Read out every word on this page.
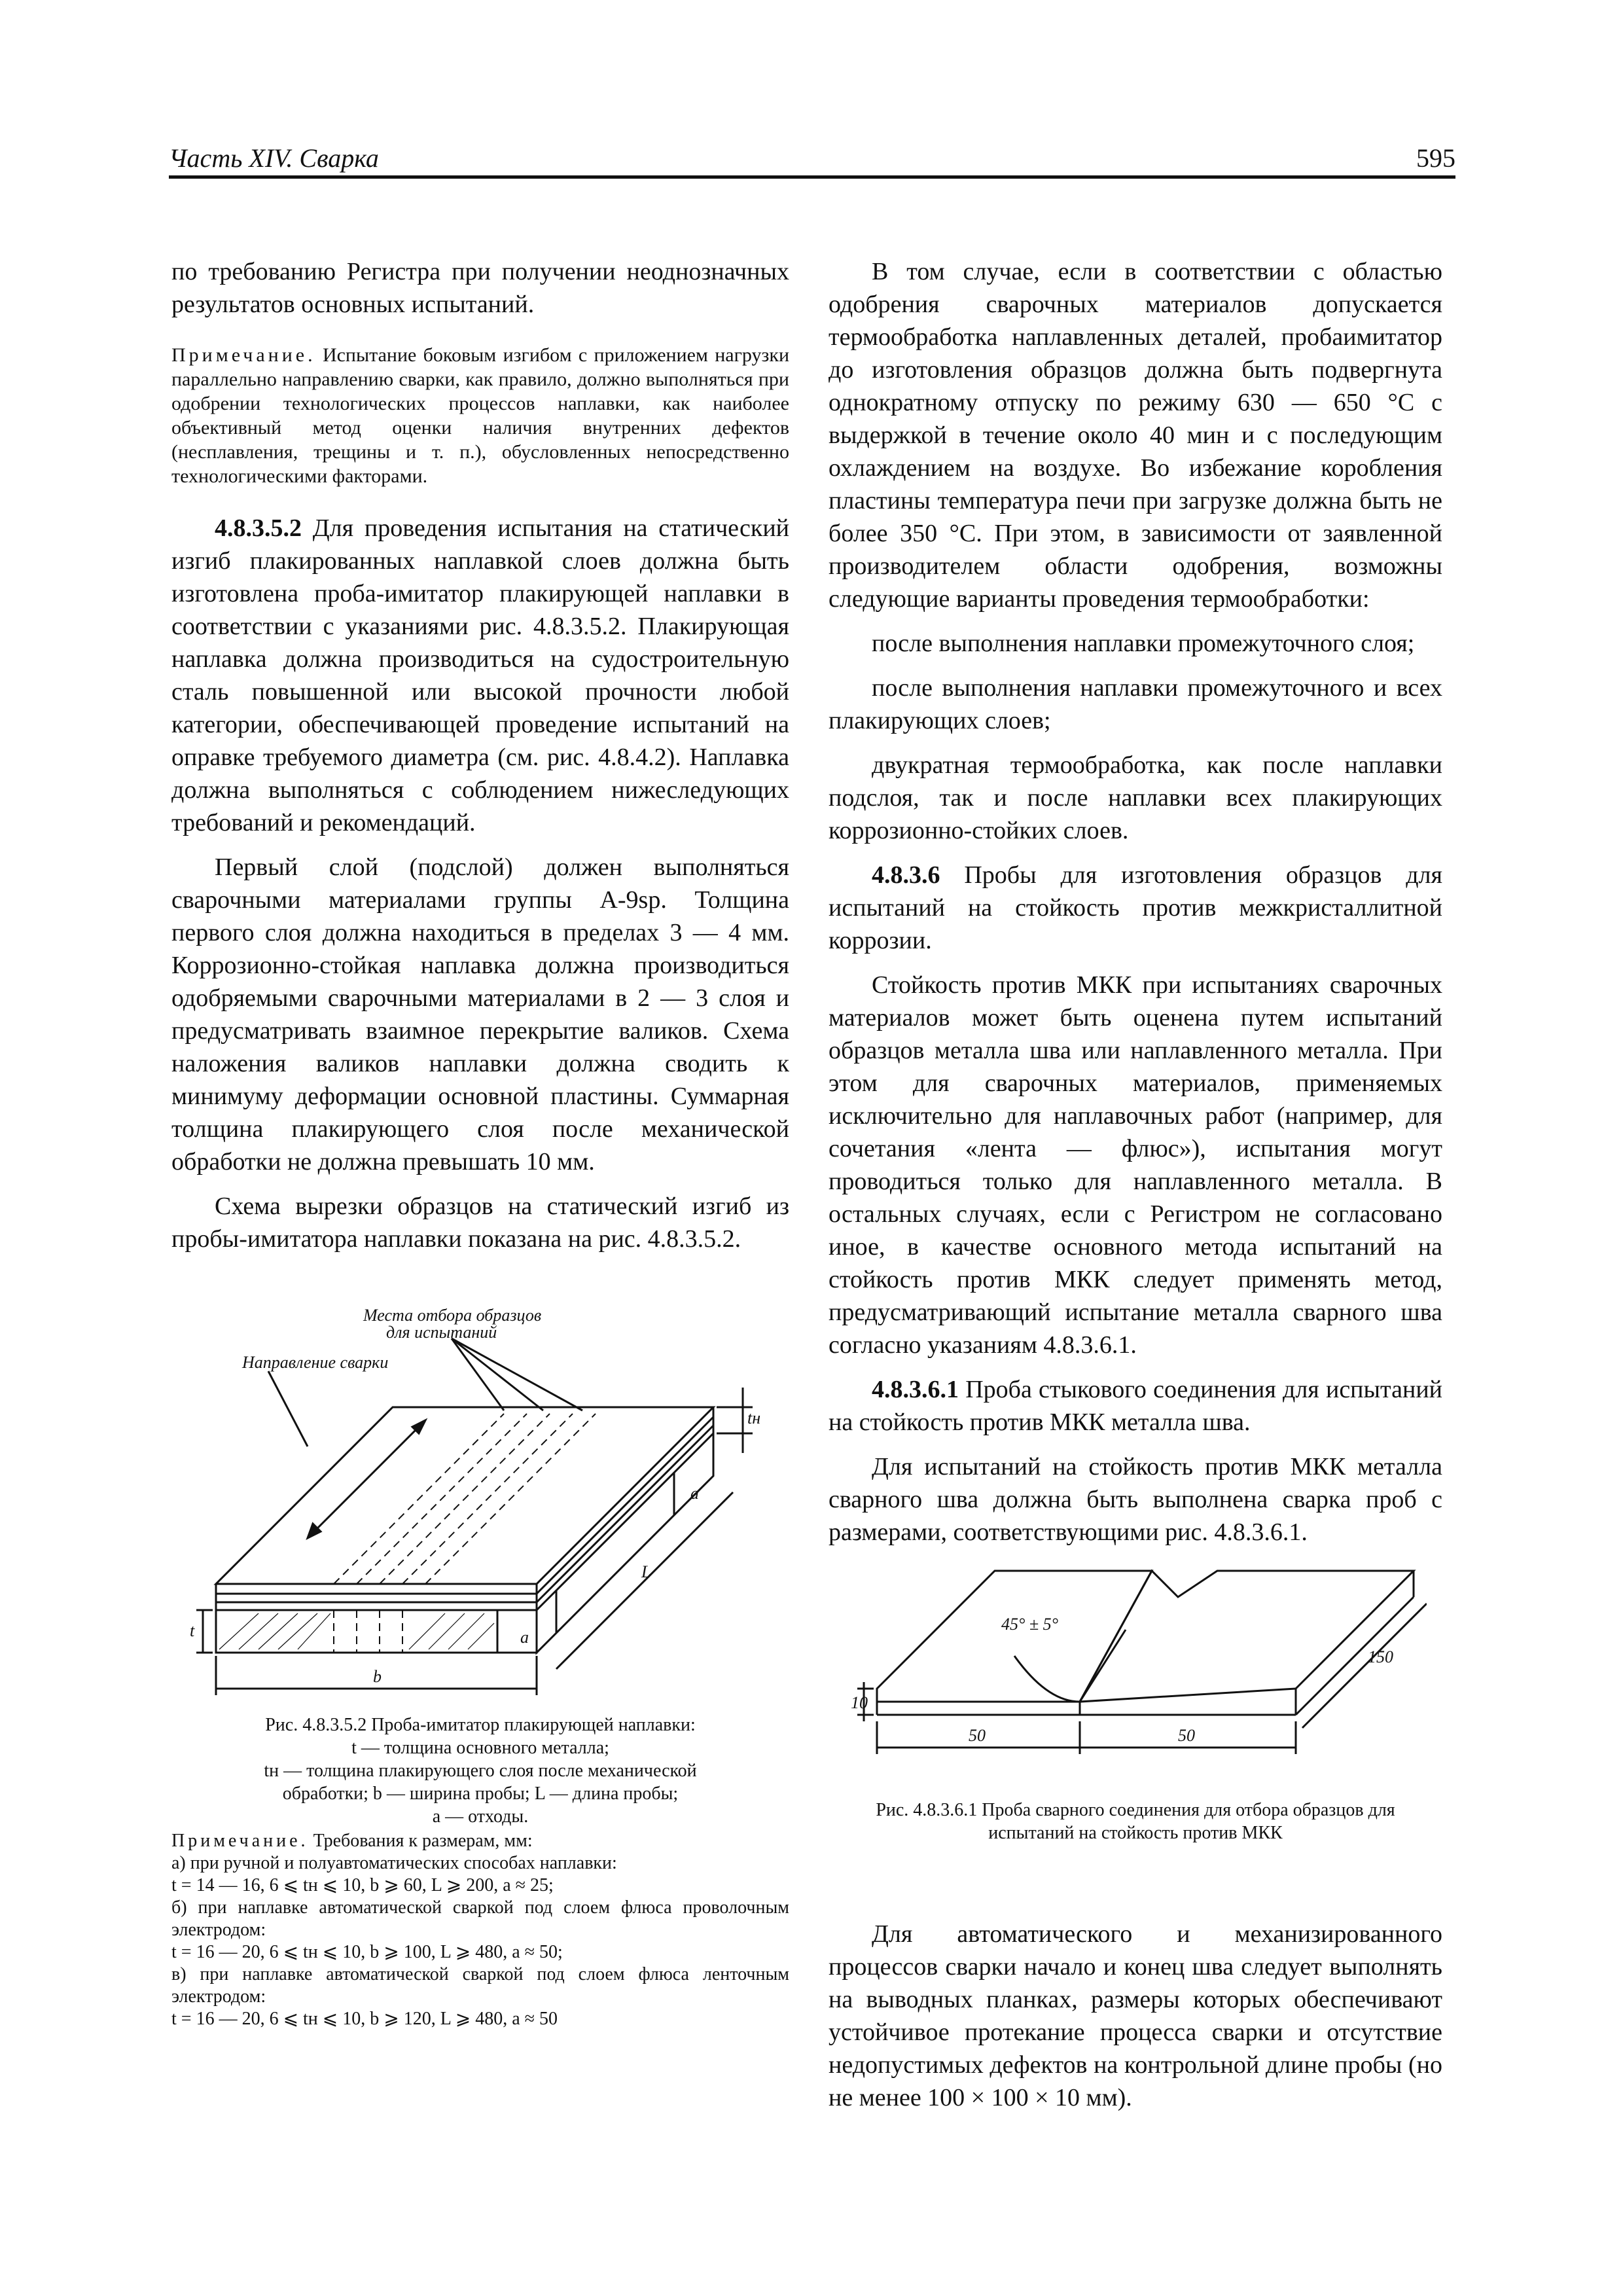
Часть XIV. Сварка	595

по требованию Регистра при получении неоднозначных результатов основных испытаний.

Примечание. Испытание боковым изгибом с приложением нагрузки параллельно направлению сварки, как правило, должно выполняться при одобрении технологических процессов наплавки, как наиболее объективный метод оценки наличия внутренних дефектов (несплавления, трещины и т. п.), обусловленных непосредственно технологическими факторами.

4.8.3.5.2 Для проведения испытания на статический изгиб плакированных наплавкой слоев должна быть изготовлена проба-имитатор плакирующей наплавки в соответствии с указаниями рис. 4.8.3.5.2. Плакирующая наплавка должна производиться на судостроительную сталь повышенной или высокой прочности любой категории, обеспечивающей проведение испытаний на оправке требуемого диаметра (см. рис. 4.8.4.2). Наплавка должна выполняться с соблюдением нижеследующих требований и рекомендаций.

Первый слой (подслой) должен выполняться сварочными материалами группы А-9sp. Толщина первого слоя должна находиться в пределах 3 — 4 мм. Коррозионно-стойкая наплавка должна производиться одобряемыми сварочными материалами в 2 — 3 слоя и предусматривать взаимное перекрытие валиков. Схема наложения валиков наплавки должна сводить к минимуму деформации основной пластины. Суммарная толщина плакирующего слоя после механической обработки не должна превышать 10 мм.

Схема вырезки образцов на статический изгиб из пробы-имитатора наплавки показана на рис. 4.8.3.5.2.

Места отбора образцов
для испытаний
Направление сварки
tн
a
a
L
t
b

Рис. 4.8.3.5.2 Проба-имитатор плакирующей наплавки:

t — толщина основного металла;

tн — толщина плакирующего слоя после механической

обработки; b — ширина пробы; L — длина пробы;

a — отходы.

Примечание. Требования к размерам, мм:

а) при ручной и полуавтоматических способах наплавки:

t = 14 — 16, 6 ⩽ tн ⩽ 10, b ⩾ 60, L ⩾ 200, a ≈ 25;

б) при наплавке автоматической сваркой под слоем флюса проволочным электродом:

t = 16 — 20, 6 ⩽ tн ⩽ 10, b ⩾ 100, L ⩾ 480, a ≈ 50;

в) при наплавке автоматической сваркой под слоем флюса ленточным электродом:

t = 16 — 20, 6 ⩽ tн ⩽ 10, b ⩾ 120, L ⩾ 480, a ≈ 50

В том случае, если в соответствии с областью одобрения сварочных материалов допускается термообработка наплавленных деталей, пробаимитатор до изготовления образцов должна быть подвергнута однократному отпуску по режиму 630 — 650 °C с выдержкой в течение около 40 мин и с последующим охлаждением на воздухе. Во избежание коробления пластины температура печи при загрузке должна быть не более 350 °C. При этом, в зависимости от заявленной производителем области одобрения, возможны следующие варианты проведения термообработки:

после выполнения наплавки промежуточного слоя;

после выполнения наплавки промежуточного и всех плакирующих слоев;

двукратная термообработка, как после наплавки подслоя, так и после наплавки всех плакирующих коррозионно-стойких слоев.

4.8.3.6 Пробы для изготовления образцов для испытаний на стойкость против межкристаллитной коррозии.

Стойкость против МКК при испытаниях сварочных материалов может быть оценена путем испытаний образцов металла шва или наплавленного металла. При этом для сварочных материалов, применяемых исключительно для наплавочных работ (например, для сочетания «лента — флюс»), испытания могут проводиться только для наплавленного металла. В остальных случаях, если с Регистром не согласовано иное, в качестве основного метода испытаний на стойкость против МКК следует применять метод, предусматривающий испытание металла сварного шва согласно указаниям 4.8.3.6.1.

4.8.3.6.1 Проба стыкового соединения для испытаний на стойкость против МКК металла шва.

Для испытаний на стойкость против МКК металла сварного шва должна быть выполнена сварка проб с размерами, соответствующими рис. 4.8.3.6.1.

45° ± 5°
150
10
50	50

Рис. 4.8.3.6.1 Проба сварного соединения для отбора образцов для

испытаний на стойкость против МКК

Для автоматического и механизированного процессов сварки начало и конец шва следует выполнять на выводных планках, размеры которых обеспечивают устойчивое протекание процесса сварки и отсутствие недопустимых дефектов на контрольной длине пробы (но не менее 100 × 100 × 10 мм).
